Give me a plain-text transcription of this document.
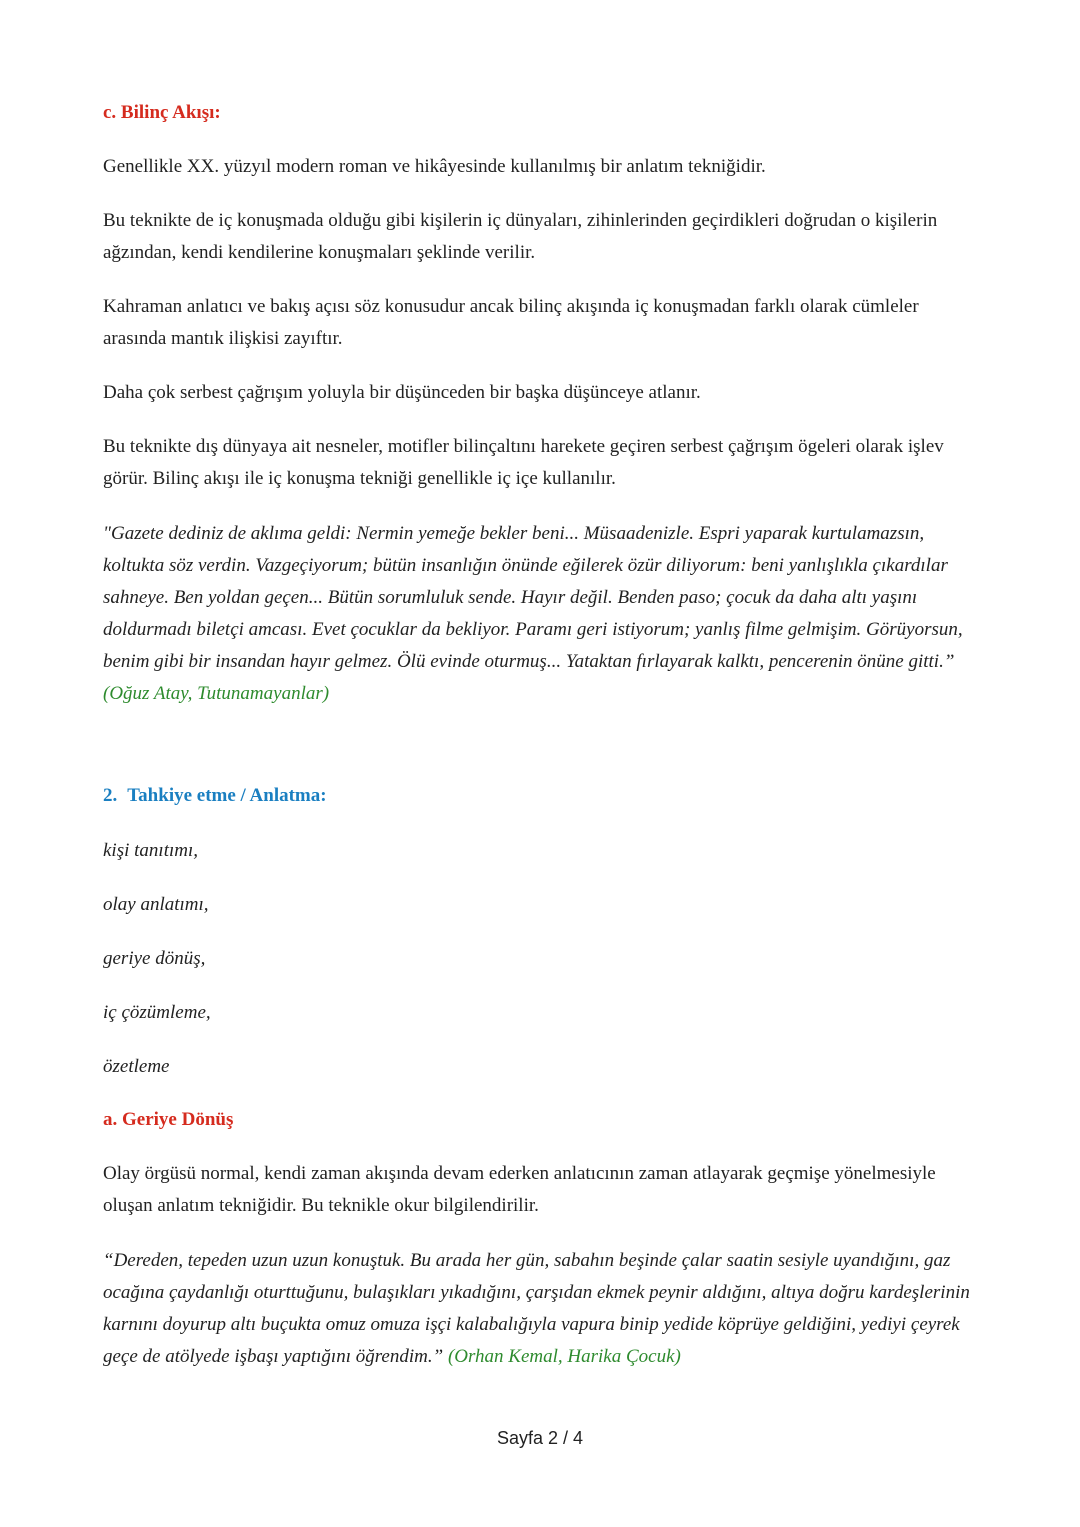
c. Bilinç Akışı:

Genellikle XX. yüzyıl modern roman ve hikâyesinde kullanılmış bir anlatım tekniğidir.

Bu teknikte de iç konuşmada olduğu gibi kişilerin iç dünyaları, zihinlerinden geçirdikleri doğrudan o kişilerin ağzından, kendi kendilerine konuşmaları şeklinde verilir.

Kahraman anlatıcı ve bakış açısı söz konusudur ancak bilinç akışında iç konuşmadan farklı olarak cümleler arasında mantık ilişkisi zayıftır.

Daha çok serbest çağrışım yoluyla bir düşünceden bir başka düşünceye atlanır.

Bu teknikte dış dünyaya ait nesneler, motifler bilinçaltını harekete geçiren serbest çağrışım ögeleri olarak işlev görür. Bilinç akışı ile iç konuşma tekniği genellikle iç içe kullanılır.

"Gazete dediniz de aklıma geldi: Nermin yemeğe bekler beni... Müsaadenizle. Espri yaparak kurtulamazsın, koltukta söz verdin. Vazgeçiyorum; bütün insanlığın önünde eğilerek özür diliyorum: beni yanlışlıkla çıkardılar sahneye. Ben yoldan geçen... Bütün sorumluluk sende. Hayır değil. Benden paso; çocuk da daha altı yaşını doldurmadı biletçi amcası. Evet çocuklar da bekliyor. Paramı geri istiyorum; yanlış filme gelmişim. Görüyorsun, benim gibi bir insandan hayır gelmez. Ölü evinde oturmuş... Yataktan fırlayarak kalktı, pencerenin önüne gitti.” (Oğuz Atay, Tutunamayanlar)

2. Tahkiye etme / Anlatma:

kişi tanıtımı,

olay anlatımı,

geriye dönüş,

iç çözümleme,

özetleme

a. Geriye Dönüş

Olay örgüsü normal, kendi zaman akışında devam ederken anlatıcının zaman atlayarak geçmişe yönelmesiyle oluşan anlatım tekniğidir. Bu teknikle okur bilgilendirilir.

“Dereden, tepeden uzun uzun konuştuk. Bu arada her gün, sabahın beşinde çalar saatin sesiyle uyandığını, gaz ocağına çaydanlığı oturttuğunu, bulaşıkları yıkadığını, çarşıdan ekmek peynir aldığını, altıya doğru kardeşlerinin karnını doyurup altı buçukta omuz omuza işçi kalabalığıyla vapura binip yedide köprüye geldiğini, yediyi çeyrek geçe de atölyede işbaşı yaptığını öğrendim.” (Orhan Kemal, Harika Çocuk)

Sayfa 2 / 4
